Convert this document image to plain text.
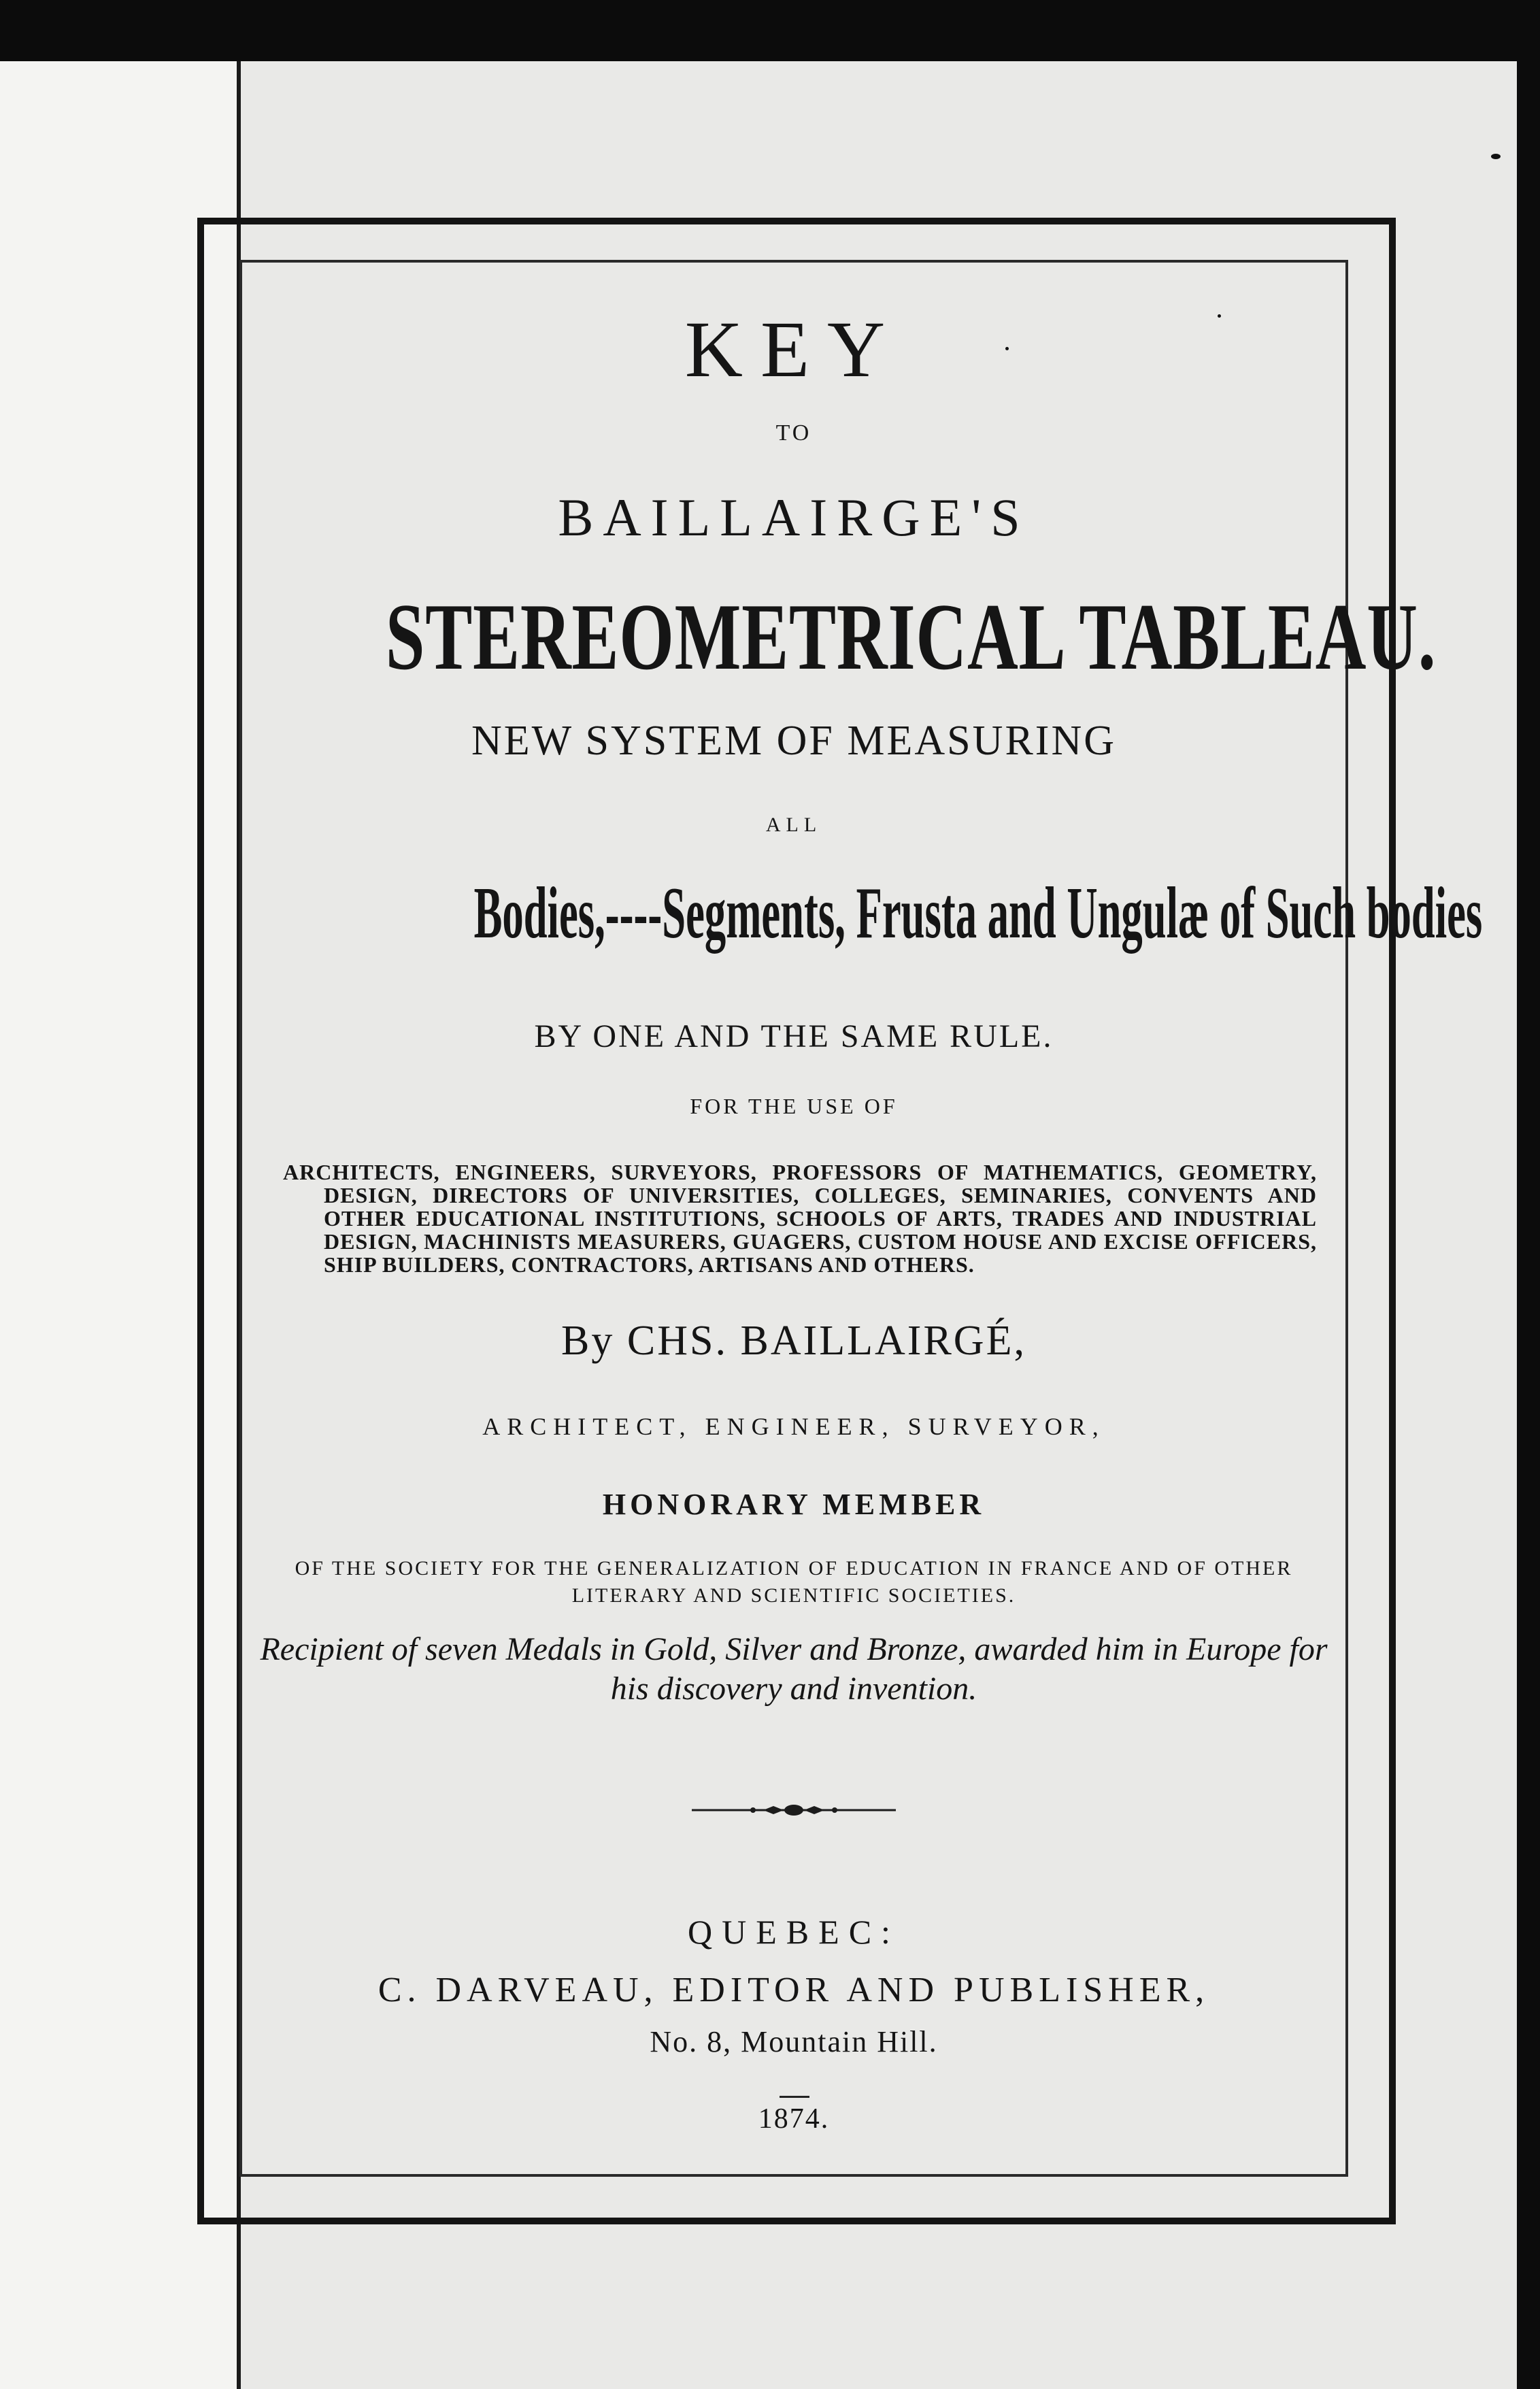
KEY
TO
BAILLAIRGE'S
STEREOMETRICAL TABLEAU.
NEW SYSTEM OF MEASURING
ALL
Bodies,----Segments, Frusta and Ungulæ of Such bodies
BY ONE AND THE SAME RULE.
FOR THE USE OF
ARCHITECTS, ENGINEERS, SURVEYORS, PROFESSORS OF MATHEMATICS, GEOMETRY, DESIGN, DIRECTORS OF UNIVERSITIES, COLLEGES, SEMINARIES, CONVENTS AND OTHER EDUCATIONAL INSTITUTIONS, SCHOOLS OF ARTS, TRADES AND INDUSTRIAL DESIGN, MACHINISTS MEASURERS, GUAGERS, CUSTOM HOUSE AND EXCISE OFFICERS, SHIP BUILDERS, CONTRACTORS, ARTISANS AND OTHERS.
By CHS. BAILLAIRGÉ,
ARCHITECT, ENGINEER, SURVEYOR,
HONORARY MEMBER
OF THE SOCIETY FOR THE GENERALIZATION OF EDUCATION IN FRANCE AND OF OTHER LITERARY AND SCIENTIFIC SOCIETIES.
Recipient of seven Medals in Gold, Silver and Bronze, awarded him in Europe for his discovery and invention.
QUEBEC:
C. DARVEAU, EDITOR AND PUBLISHER,
No. 8, Mountain Hill.
1874.
